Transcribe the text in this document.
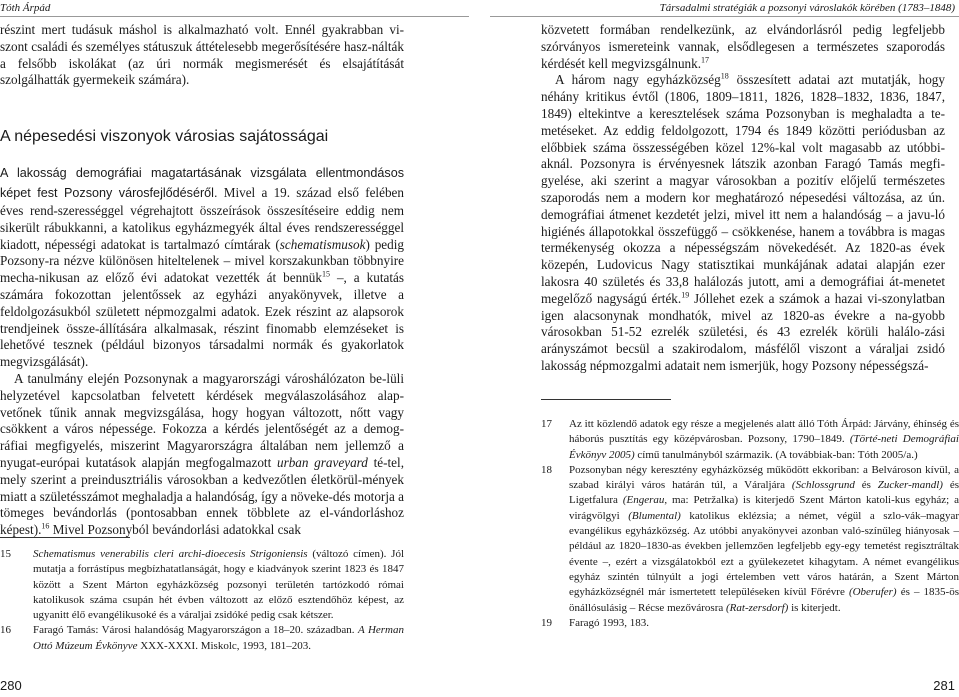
Tóth Árpád	Társadalmi stratégiák a pozsonyi városlakók körében (1783–1848)

részint mert tudásuk máshol is alkalmazható volt. Ennél gyakrabban vi-szont családi és személyes státuszuk áttételesebb megerősítésére hasz-nálták a felsőbb iskolákat (az úri normák megismerését és elsajátítását szolgálhatták gyermekeik számára).

A népesedési viszonyok városias sajátosságai

A lakosság demográfiai magatartásának vizsgálata ellentmondásos képet fest Pozsony városfejlődéséről. Mivel a 19. század első felében éves rend-szerességgel végrehajtott összeírások összesítéseire eddig nem sikerült rábukkanni, a katolikus egyházmegyék által éves rendszerességgel kiadott, népességi adatokat is tartalmazó címtárak (schematismusok) pedig Pozsony-ra nézve különösen hiteltelenek – mivel korszakunkban többnyire mecha-nikusan az előző évi adatokat vezették át bennük$^{15}$ –, a kutatás számára fokozottan jelentőssek az egyházi anyakönyvek, illetve a feldolgozásukból született népmozgalmi adatok. Ezek részint az alapsorok trendjeinek össze-állítására alkalmasak, részint finomabb elemzéseket is lehetővé tesznek (például bizonyos társadalmi normák és gyakorlatok megvizsgálását).

A tanulmány elején Pozsonynak a magyarországi városhálózaton be-lüli helyzetével kapcsolatban felvetett kérdések megválaszolásához alap-vetőnek tűnik annak megvizsgálása, hogy hogyan változott, nőtt vagy csökkent a város népessége. Fokozza a kérdés jelentőségét az a demog-ráfiai megfigyelés, miszerint Magyarországra általában nem jellemző a nyugat-európai kutatások alapján megfogalmazott urban graveyard té-tel, mely szerint a preindusztriális városokban a kedvezőtlen életkörül-mények miatt a születésszámot meghaladja a halandóság, így a növeke-dés motorja a tömeges bevándorlás (pontosabban ennek többlete az el-vándorláshoz képest).$^{16}$ Mivel Pozsonyból bevándorlási adatokkal csak

15 Schematismus venerabilis cleri archi-dioecesis Strigoniensis (változó címen). Jól mutatja a forrástípus megbízhatatlanságát, hogy e kiadványok szerint 1823 és 1847 között a Szent Márton egyházközség pozsonyi területén tartózkodó római katolikusok száma csupán hét évben változott az előző esztendőhöz képest, az ugyanitt élő evangélikusoké és a váraljai zsidóké pedig csak kétszer.

16 Faragó Tamás: Városi halandóság Magyarországon a 18–20. században. A Herman Ottó Múzeum Évkönyve XXX-XXXI. Miskolc, 1993, 181–203.

közvetett formában rendelkezünk, az elvándorlásról pedig legfeljebb szórványos ismereteink vannak, elsődlegesen a természetes szaporodás kérdését kell megvizsgálnunk.$^{17}$

A három nagy egyházközség$^{18}$ összesített adatai azt mutatják, hogy néhány kritikus évtől (1806, 1809–1811, 1826, 1828–1832, 1836, 1847, 1849) eltekintve a keresztelések száma Pozsonyban is meghaladta a te-metéseket. Az eddig feldolgozott, 1794 és 1849 közötti periódusban az előbbiek száma összességében közel 12%-kal volt magasabb az utóbbi-aknál. Pozsonyra is érvényesnek látszik azonban Faragó Tamás megfi-gyelése, aki szerint a magyar városokban a pozitív előjelű természetes szaporodás nem a modern kor meghatározó népesedési változása, az ún. demográfiai átmenet kezdetét jelzi, mivel itt nem a halandóság – a javu-ló higiénés állapotokkal összefüggő – csökkenése, hanem a továbbra is magas termékenység okozza a népességszám növekedését. Az 1820-as évek közepén, Ludovicus Nagy statisztikai munkájának adatai alapján ezer lakosra 40 születés és 33,8 halálozás jutott, ami a demográfiai át-menetet megelőző nagyságú érték.$^{19}$ Jóllehet ezek a számok a hazai vi-szonylatban igen alacsonynak mondhatók, mivel az 1820-as évekre a na-gyobb városokban 51-52 ezrelék születési, és 43 ezrelék körüli halálo-zási arányszámot becsül a szakirodalom, másfélől viszont a váraljai zsidó lakosság népmozgalmi adatait nem ismerjük, hogy Pozsony népességszá-

17 Az itt közlendő adatok egy része a megjelenés alatt álló Tóth Árpád: Járvány, éhínség és háborús pusztítás egy középvárosban. Pozsony, 1790–1849. (Törté-neti Demográfiai Évkönyv 2005) című tanulmányból származik. (A továbbiak-ban: Tóth 2005/a.)

18 Pozsonyban négy keresztény egyházközség működött ekkoriban: a Belvároson kívül, a szabad királyi város határán túl, a Váraljára (Schlossgrund és Zucker-mandl) és Ligetfalura (Engerau, ma: Petržalka) is kiterjedő Szent Márton katoli-kus egyház; a virágvölgyi (Blumental) katolikus eklézsia; a német, végül a szlo-vák–magyar evangélikus egyházközség. Az utóbbi anyakönyvei azonban való-színűleg hiányosak – például az 1820–1830-as években jellemzően legfeljebb egy-egy temetést regisztráltak évente –, ezért a vizsgálatokból ezt a gyülekezetet kihagytam. A német evangélikus egyház szintén túlnyúlt a jogi értelemben vett város határán, a Szent Márton egyházközségnél már ismertetett településeken kívül Főrévre (Oberufer) és – 1835-ös önállósulásig – Récse mezővárosra (Rat-zersdorf) is kiterjedt.

19 Faragó 1993, 183.

280	281
